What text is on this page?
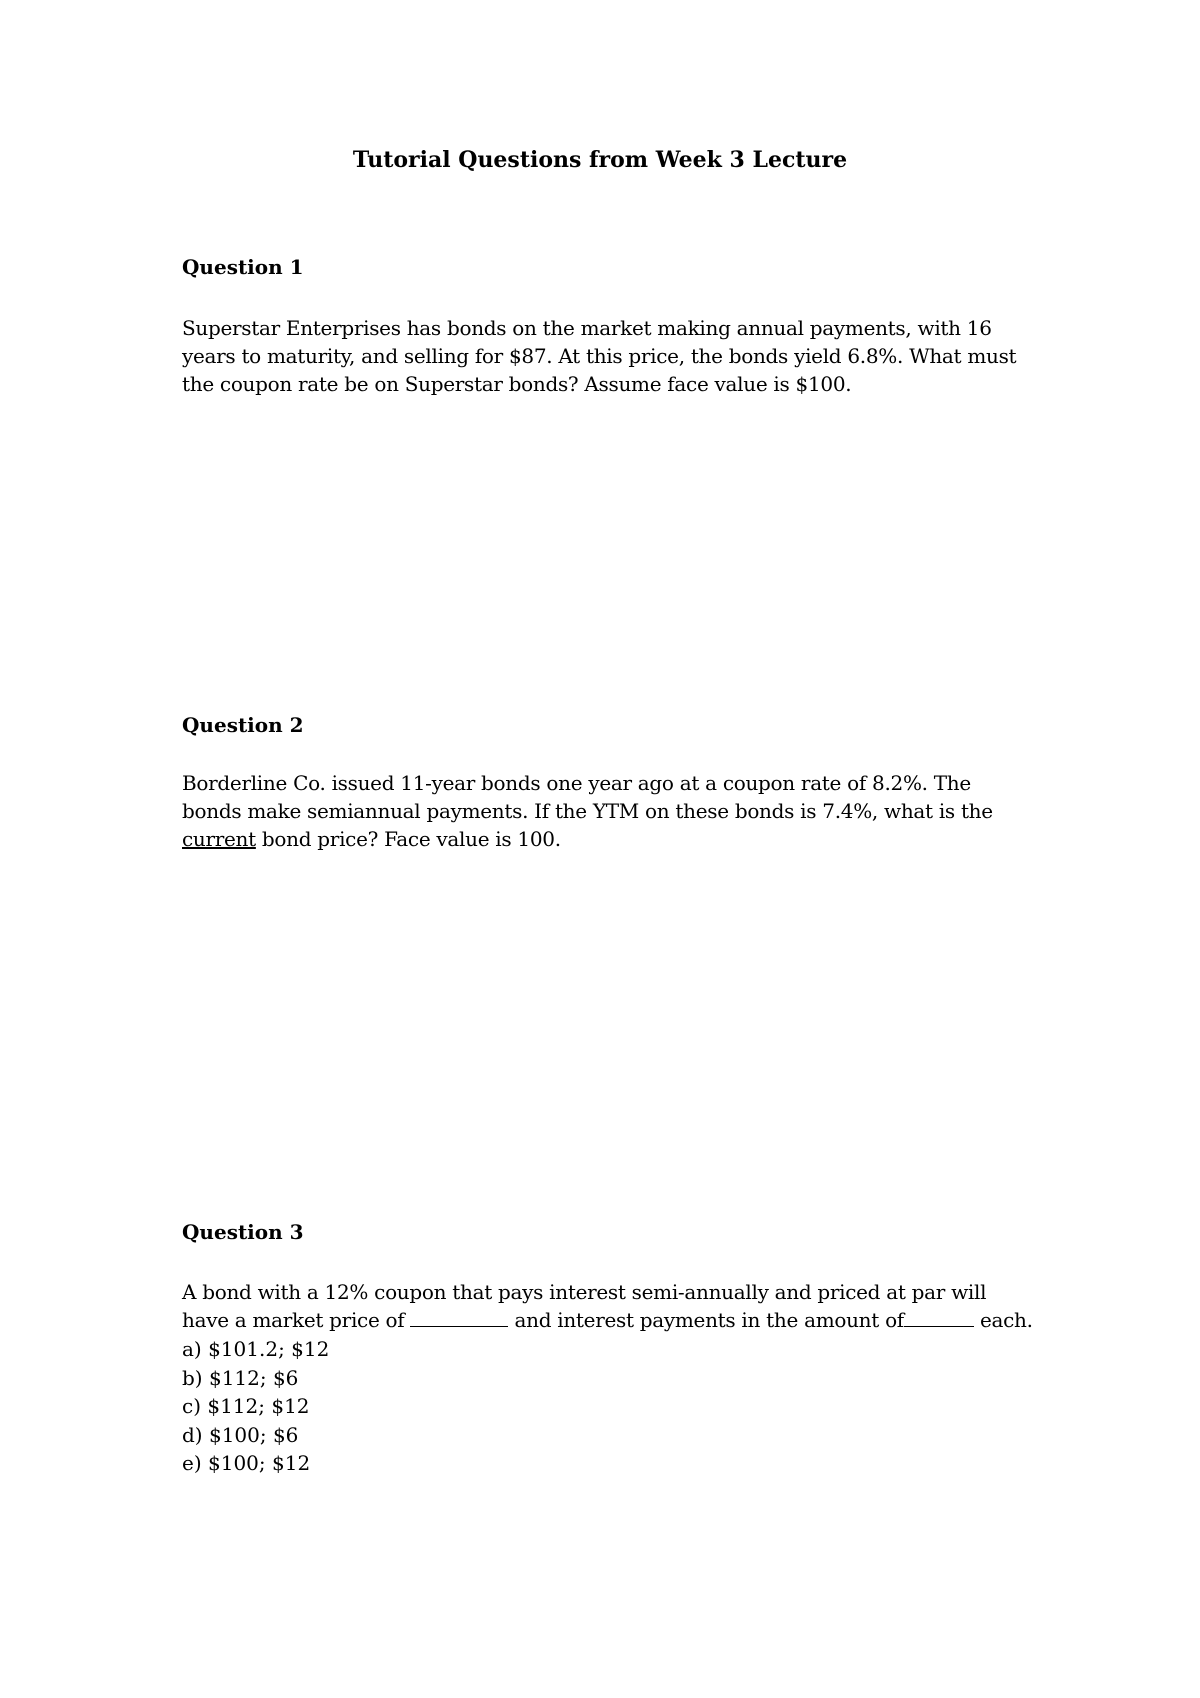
Tutorial Questions from Week 3 Lecture
Question 1

Superstar Enterprises has bonds on the market making annual payments, with 16
years to maturity, and selling for $87. At this price, the bonds yield 6.8%. What must
the coupon rate be on Superstar bonds? Assume face value is $100.

Question 2

Borderline Co. issued 11-year bonds one year ago at a coupon rate of 8.2%. The
bonds make semiannual payments. If the YTM on these bonds is 7.4%, what is the
current bond price? Face value is 100.

Question 3

A bond with a 12% coupon that pays interest semi-annually and priced at par will
have a market price of	and interest payments in the amount of	each.

a) $101.2; $12
b) $112; $6
c) $112; $12
d) $100; $6
e) $100; $12
